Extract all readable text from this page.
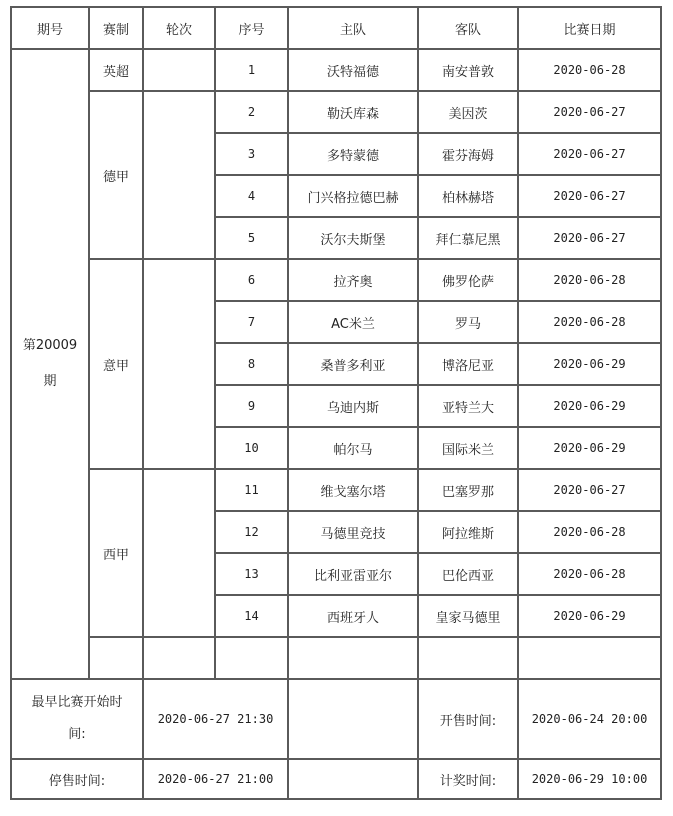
期号	赛制	轮次	序号	主队	客队	比赛日期

第20009
期	英超		1	沃特福德	南安普敦	2020-06-28
	德甲		2	勒沃库森	美因茨	2020-06-27
			3	多特蒙德	霍芬海姆	2020-06-27
			4	门兴格拉德巴赫	柏林赫塔	2020-06-27
			5	沃尔夫斯堡	拜仁慕尼黑	2020-06-27
	意甲		6	拉齐奥	佛罗伦萨	2020-06-28
			7	AC米兰	罗马	2020-06-28
			8	桑普多利亚	博洛尼亚	2020-06-29
			9	乌迪内斯	亚特兰大	2020-06-29
			10	帕尔马	国际米兰	2020-06-29
	西甲		11	维戈塞尔塔	巴塞罗那	2020-06-27
			12	马德里竞技	阿拉维斯	2020-06-28
			13	比利亚雷亚尔	巴伦西亚	2020-06-28
			14	西班牙人	皇家马德里	2020-06-29

最早比赛开始时
间:		2020-06-27 21:30			开售时间:	2020-06-24 20:00
停售时间:		2020-06-27 21:00			计奖时间:	2020-06-29 10:00
